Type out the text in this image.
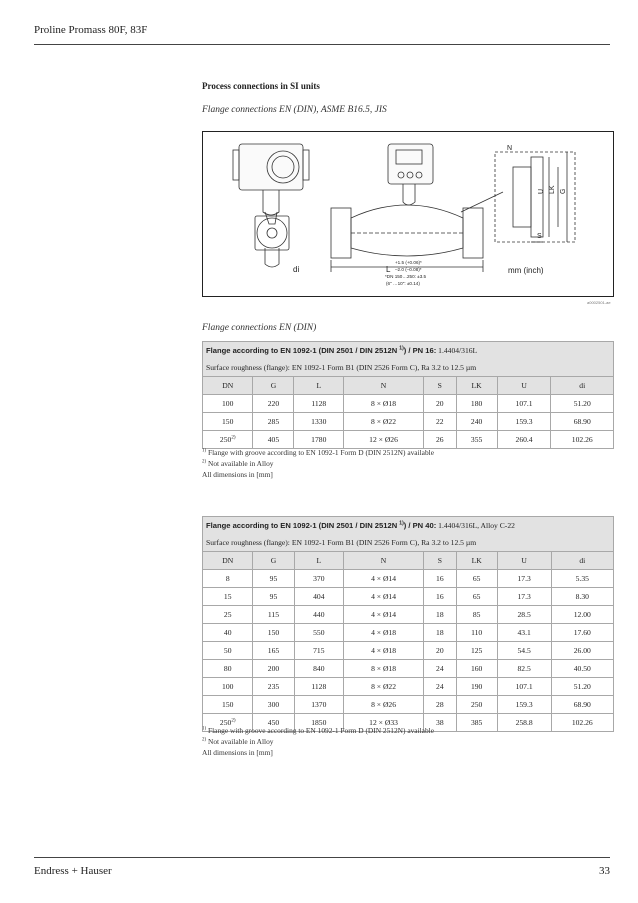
Proline Promass 80F, 83F
Process connections in SI units
Flange connections EN (DIN), ASME B16.5, JIS
di	L
N
U LK G
S
mm (inch)
+1.5 (+0.06)*
–2.0 (–0.08)*
*DN 150…250: ±3.5
(6" …10": ±0.14)
a0002501-ae
Flange connections EN (DIN)
Flange according to EN 1092-1 (DIN 2501 / DIN 2512N $^{1)}$) / PN 16: 1.4404/316L							
Surface roughness (flange): EN 1092-1 Form B1 (DIN 2526 Form C), Ra 3.2 to 12.5 µm							
DN	G	L	N	S	LK	U	di
100	220	1128	8 × Ø18	20	180	107.1	51.20
150	285	1330	8 × Ø22	22	240	159.3	68.90
250$^{2)}$	405	1780	12 × Ø26	26	355	260.4	102.26
$^{1)}$ Flange with groove according to EN 1092-1 Form D (DIN 2512N) available
$^{2)}$ Not available in Alloy
All dimensions in [mm]
Flange according to EN 1092-1 (DIN 2501 / DIN 2512N $^{1)}$) / PN 40: 1.4404/316L, Alloy C-22							
Surface roughness (flange): EN 1092-1 Form B1 (DIN 2526 Form C), Ra 3.2 to 12.5 µm							
DN	G	L	N	S	LK	U	di
8	95	370	4 × Ø14	16	65	17.3	5.35
15	95	404	4 × Ø14	16	65	17.3	8.30
25	115	440	4 × Ø14	18	85	28.5	12.00
40	150	550	4 × Ø18	18	110	43.1	17.60
50	165	715	4 × Ø18	20	125	54.5	26.00
80	200	840	8 × Ø18	24	160	82.5	40.50
100	235	1128	8 × Ø22	24	190	107.1	51.20
150	300	1370	8 × Ø26	28	250	159.3	68.90
250$^{2)}$	450	1850	12 × Ø33	38	385	258.8	102.26
$^{1)}$ Flange with groove according to EN 1092-1 Form D (DIN 2512N) available
$^{2)}$ Not available in Alloy
All dimensions in [mm]
Endress + Hauser	33
